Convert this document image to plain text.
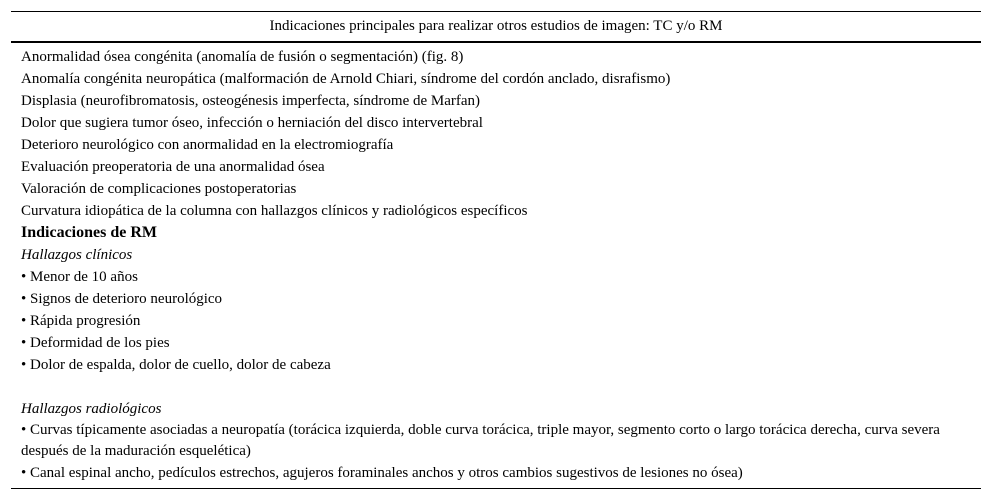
Indicaciones principales para realizar otros estudios de imagen: TC y/o RM
Anormalidad ósea congénita (anomalía de fusión o segmentación) (fig. 8)
Anomalía congénita neuropática (malformación de Arnold Chiari, síndrome del cordón anclado, disrafismo)
Displasia (neurofibromatosis, osteogénesis imperfecta, síndrome de Marfan)
Dolor que sugiera tumor óseo, infección o herniación del disco intervertebral
Deterioro neurológico con anormalidad en la electromiografía
Evaluación preoperatoria de una anormalidad ósea
Valoración de complicaciones postoperatorias
Curvatura idiopática de la columna con hallazgos clínicos y radiológicos específicos
Indicaciones de RM
Hallazgos clínicos
• Menor de 10 años
• Signos de deterioro neurológico
• Rápida progresión
• Deformidad de los pies
• Dolor de espalda, dolor de cuello, dolor de cabeza
Hallazgos radiológicos
• Curvas típicamente asociadas a neuropatía (torácica izquierda, doble curva torácica, triple mayor, segmento corto o largo torácica derecha, curva severa después de la maduración esquelética)
• Canal espinal ancho, pedículos estrechos, agujeros foraminales anchos y otros cambios sugestivos de lesiones no ósea)
